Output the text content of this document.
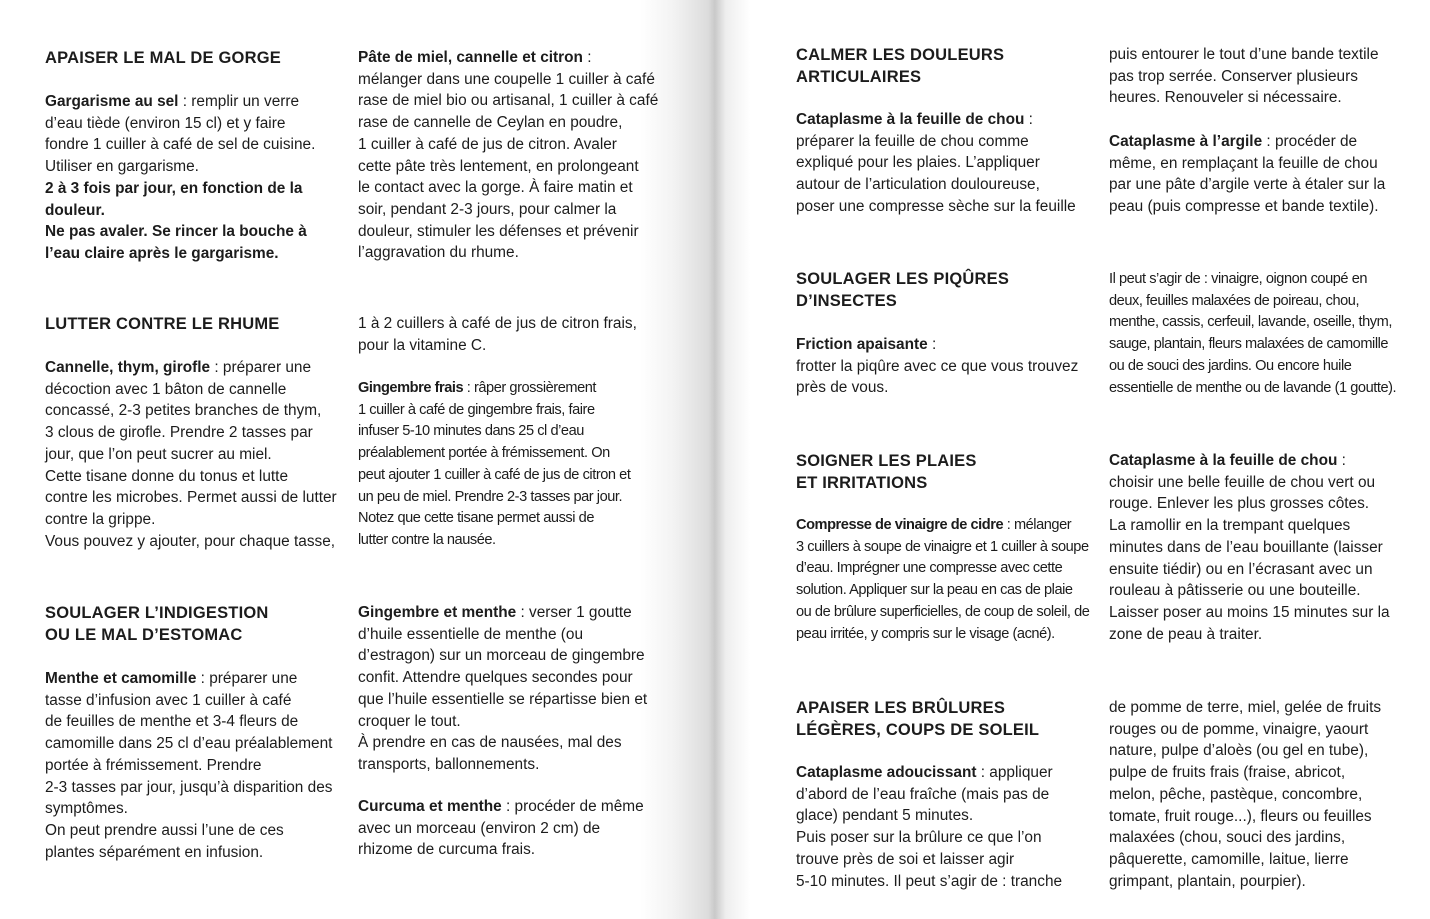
APAISER LE MAL DE GORGE
Gargarisme au sel : remplir un verre
d’eau tiède (environ 15 cl) et y faire
fondre 1 cuiller à café de sel de cuisine.
Utiliser en gargarisme.
2 à 3 fois par jour, en fonction de la
douleur.
Ne pas avaler. Se rincer la bouche à
l’eau claire après le gargarisme.
Pâte de miel, cannelle et citron :
mélanger dans une coupelle 1 cuiller à café
rase de miel bio ou artisanal, 1 cuiller à café
rase de cannelle de Ceylan en poudre,
1 cuiller à café de jus de citron. Avaler
cette pâte très lentement, en prolongeant
le contact avec la gorge. À faire matin et
soir, pendant 2-3 jours, pour calmer la
douleur, stimuler les défenses et prévenir
l’aggravation du rhume.
LUTTER CONTRE LE RHUME
Cannelle, thym, girofle : préparer une
décoction avec 1 bâton de cannelle
concassé, 2-3 petites branches de thym,
3 clous de girofle. Prendre 2 tasses par
jour, que l’on peut sucrer au miel.
Cette tisane donne du tonus et lutte
contre les microbes. Permet aussi de lutter
contre la grippe.
Vous pouvez y ajouter, pour chaque tasse,
1 à 2 cuillers à café de jus de citron frais,
pour la vitamine C.
Gingembre frais : râper grossièrement
1 cuiller à café de gingembre frais, faire
infuser 5-10 minutes dans 25 cl d’eau
préalablement portée à frémissement. On
peut ajouter 1 cuiller à café de jus de citron et
un peu de miel. Prendre 2-3 tasses par jour.
Notez que cette tisane permet aussi de
lutter contre la nausée.
SOULAGER L’INDIGESTION
OU LE MAL D’ESTOMAC
Menthe et camomille : préparer une
tasse d’infusion avec 1 cuiller à café
de feuilles de menthe et 3-4 fleurs de
camomille dans 25 cl d’eau préalablement
portée à frémissement. Prendre
2-3 tasses par jour, jusqu’à disparition des
symptômes.
On peut prendre aussi l’une de ces
plantes séparément en infusion.
Gingembre et menthe : verser 1 goutte
d’huile essentielle de menthe (ou
d’estragon) sur un morceau de gingembre
confit. Attendre quelques secondes pour
que l’huile essentielle se répartisse bien et
croquer le tout.
À prendre en cas de nausées, mal des
transports, ballonnements.
Curcuma et menthe : procéder de même
avec un morceau (environ 2 cm) de
rhizome de curcuma frais.
CALMER LES DOULEURS
ARTICULAIRES
Cataplasme à la feuille de chou :
préparer la feuille de chou comme
expliqué pour les plaies. L’appliquer
autour de l’articulation douloureuse,
poser une compresse sèche sur la feuille
puis entourer le tout d’une bande textile
pas trop serrée. Conserver plusieurs
heures. Renouveler si nécessaire.
Cataplasme à l’argile : procéder de
même, en remplaçant la feuille de chou
par une pâte d’argile verte à étaler sur la
peau (puis compresse et bande textile).
SOULAGER LES PIQÛRES
D’INSECTES
Friction apaisante :
frotter la piqûre avec ce que vous trouvez
près de vous.
Il peut s’agir de : vinaigre, oignon coupé en
deux, feuilles malaxées de poireau, chou,
menthe, cassis, cerfeuil, lavande, oseille, thym,
sauge, plantain, fleurs malaxées de camomille
ou de souci des jardins. Ou encore huile
essentielle de menthe ou de lavande (1 goutte).
SOIGNER LES PLAIES
ET IRRITATIONS
Compresse de vinaigre de cidre : mélanger
3 cuillers à soupe de vinaigre et 1 cuiller à soupe
d’eau. Imprégner une compresse avec cette
solution. Appliquer sur la peau en cas de plaie
ou de brûlure superficielles, de coup de soleil, de
peau irritée, y compris sur le visage (acné).
Cataplasme à la feuille de chou :
choisir une belle feuille de chou vert ou
rouge. Enlever les plus grosses côtes.
La ramollir en la trempant quelques
minutes dans de l’eau bouillante (laisser
ensuite tiédir) ou en l’écrasant avec un
rouleau à pâtisserie ou une bouteille.
Laisser poser au moins 15 minutes sur la
zone de peau à traiter.
APAISER LES BRÛLURES
LÉGÈRES, COUPS DE SOLEIL
Cataplasme adoucissant : appliquer
d’abord de l’eau fraîche (mais pas de
glace) pendant 5 minutes.
Puis poser sur la brûlure ce que l’on
trouve près de soi et laisser agir
5-10 minutes. Il peut s’agir de : tranche
de pomme de terre, miel, gelée de fruits
rouges ou de pomme, vinaigre, yaourt
nature, pulpe d’aloès (ou gel en tube),
pulpe de fruits frais (fraise, abricot,
melon, pêche, pastèque, concombre,
tomate, fruit rouge...), fleurs ou feuilles
malaxées (chou, souci des jardins,
pâquerette, camomille, laitue, lierre
grimpant, plantain, pourpier).
